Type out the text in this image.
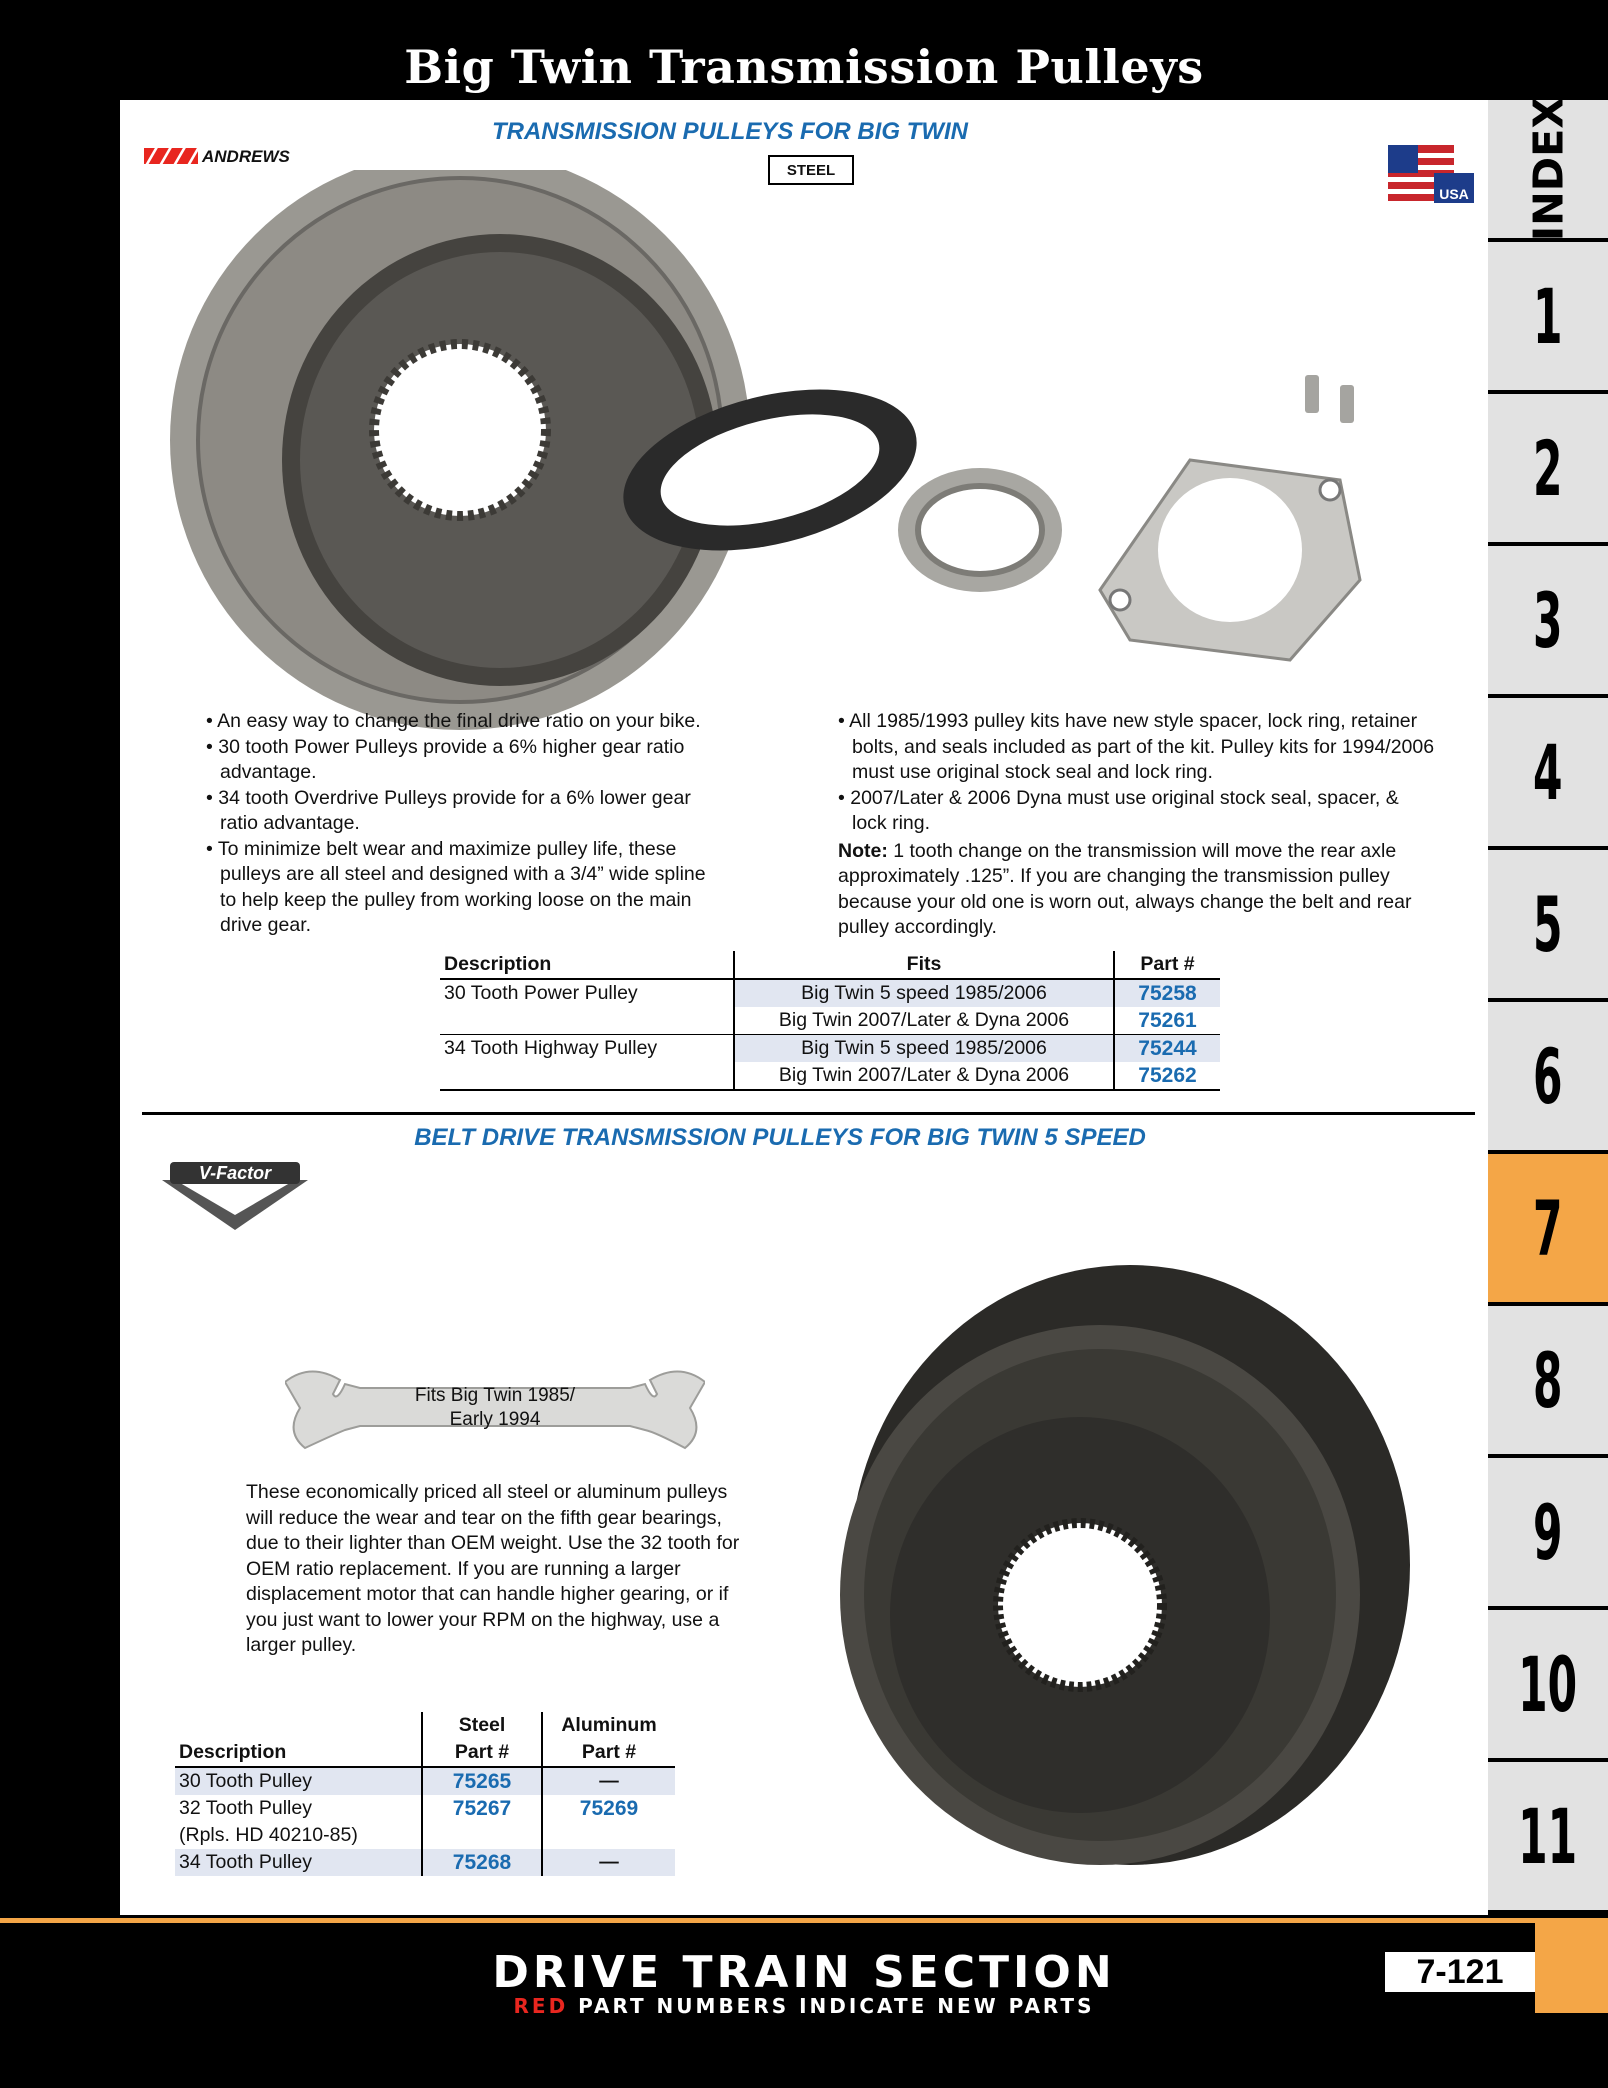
Big Twin Transmission Pulleys
TRANSMISSION PULLEYS FOR BIG TWIN
ANDREWS
STEEL
USA
• An easy way to change the final drive ratio on your bike.
• 30 tooth Power Pulleys provide a 6% higher gear ratio advantage.
• 34 tooth Overdrive Pulleys provide for a 6% lower gear ratio advantage.
• To minimize belt wear and maximize pulley life, these pulleys are all steel and designed with a 3/4” wide spline to help keep the pulley from working loose on the main drive gear.
• All 1985/1993 pulley kits have new style spacer, lock ring, retainer bolts, and seals included as part of the kit. Pulley kits for 1994/2006 must use original stock seal and lock ring.
• 2007/Later & 2006 Dyna must use original stock seal, spacer, & lock ring.
Note: 1 tooth change on the transmission will move the rear axle approximately .125”. If you are changing the transmission pulley because your old one is worn out, always change the belt and rear pulley accordingly.
Description	Fits	Part #
30 Tooth Power Pulley	Big Twin 5 speed 1985/2006	75258
	Big Twin 2007/Later & Dyna 2006	75261
34 Tooth Highway Pulley	Big Twin 5 speed 1985/2006	75244
	Big Twin 2007/Later & Dyna 2006	75262
BELT DRIVE TRANSMISSION PULLEYS FOR BIG TWIN 5 SPEED
V-Factor
Fits Big Twin 1985/
Early 1994
These economically priced all steel or aluminum pulleys will reduce the wear and tear on the fifth gear bearings, due to their lighter than OEM weight. Use the 32 tooth for OEM ratio replacement. If you are running a larger displacement motor that can handle higher gearing, or if you just want to lower your RPM on the highway, use a larger pulley.
	Steel	Aluminum
Description	Part #	Part #
30 Tooth Pulley	75265	—

32 Tooth Pulley
(Rpls. HD 40210-85)	75267	75269
34 Tooth Pulley	75268	—
INDEX
1
2
3
4
5
6
7
8
9
10
11
DRIVE TRAIN SECTION
RED PART NUMBERS INDICATE NEW PARTS
7-121
